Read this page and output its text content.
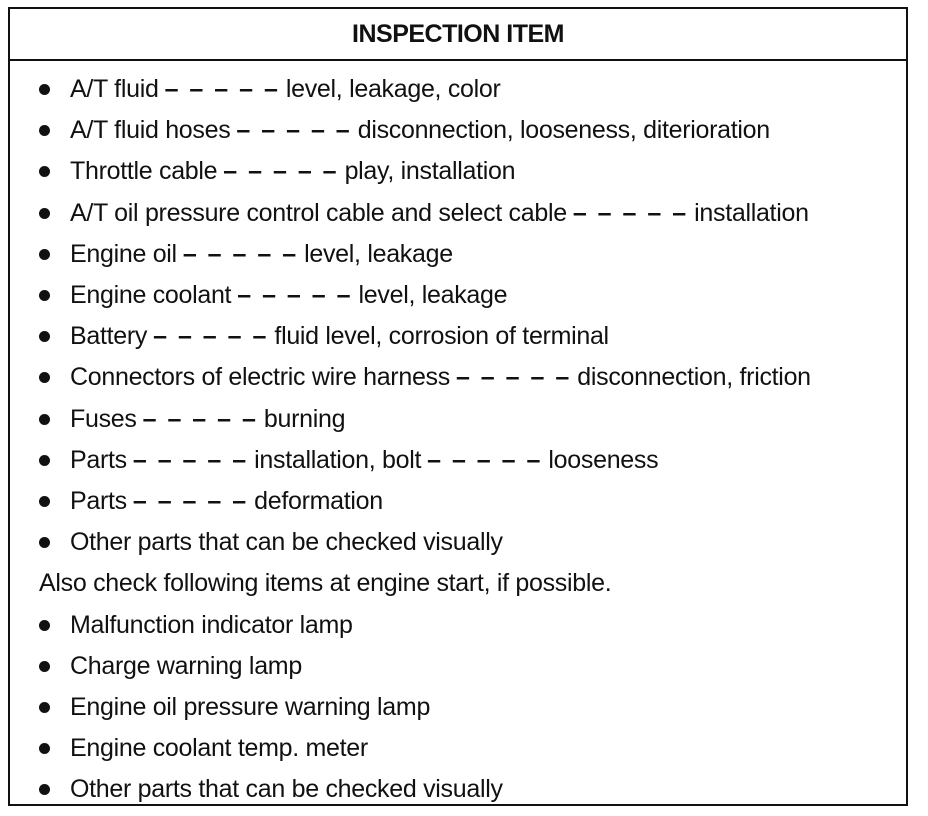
INSPECTION ITEM
A/T fluid – – – – – level, leakage, color
A/T fluid hoses – – – – – disconnection, looseness, diterioration
Throttle cable – – – – – play, installation
A/T oil pressure control cable and select cable – – – – – installation
Engine oil – – – – – level, leakage
Engine coolant – – – – – level, leakage
Battery – – – – – fluid level, corrosion of terminal
Connectors of electric wire harness – – – – – disconnection, friction
Fuses – – – – – burning
Parts – – – – – installation, bolt – – – – – looseness
Parts – – – – – deformation
Other parts that can be checked visually
Also check following items at engine start, if possible.
Malfunction indicator lamp
Charge warning lamp
Engine oil pressure warning lamp
Engine coolant temp. meter
Other parts that can be checked visually
